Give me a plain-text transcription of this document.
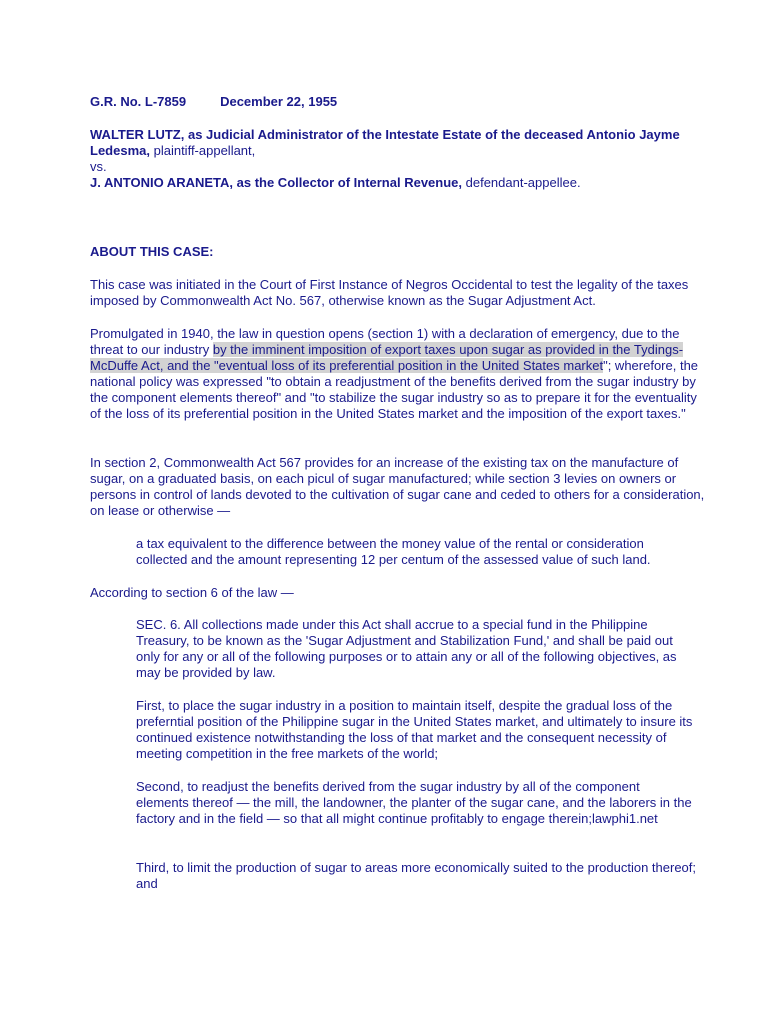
G.R. No. L-7859	December 22, 1955

WALTER LUTZ, as Judicial Administrator of the Intestate Estate of the deceased Antonio Jayme Ledesma, plaintiff-appellant,

vs.

J. ANTONIO ARANETA, as the Collector of Internal Revenue, defendant-appellee.

ABOUT THIS CASE:

This case was initiated in the Court of First Instance of Negros Occidental to test the legality of the taxes imposed by Commonwealth Act No. 567, otherwise known as the Sugar Adjustment Act.

Promulgated in 1940, the law in question opens (section 1) with a declaration of emergency, due to the threat to our industry by the imminent imposition of export taxes upon sugar as provided in the Tydings-McDuffe Act, and the "eventual loss of its preferential position in the United States market"; wherefore, the national policy was expressed "to obtain a readjustment of the benefits derived from the sugar industry by the component elements thereof" and "to stabilize the sugar industry so as to prepare it for the eventuality of the loss of its preferential position in the United States market and the imposition of the export taxes."

In section 2, Commonwealth Act 567 provides for an increase of the existing tax on the manufacture of sugar, on a graduated basis, on each picul of sugar manufactured; while section 3 levies on owners or persons in control of lands devoted to the cultivation of sugar cane and ceded to others for a consideration, on lease or otherwise —

a tax equivalent to the difference between the money value of the rental or consideration collected and the amount representing 12 per centum of the assessed value of such land.

According to section 6 of the law —

SEC. 6. All collections made under this Act shall accrue to a special fund in the Philippine Treasury, to be known as the 'Sugar Adjustment and Stabilization Fund,' and shall be paid out only for any or all of the following purposes or to attain any or all of the following objectives, as may be provided by law.

First, to place the sugar industry in a position to maintain itself, despite the gradual loss of the preferntial position of the Philippine sugar in the United States market, and ultimately to insure its continued existence notwithstanding the loss of that market and the consequent necessity of meeting competition in the free markets of the world;

Second, to readjust the benefits derived from the sugar industry by all of the component elements thereof — the mill, the landowner, the planter of the sugar cane, and the laborers in the factory and in the field — so that all might continue profitably to engage therein;lawphi1.net

Third, to limit the production of sugar to areas more economically suited to the production thereof; and
